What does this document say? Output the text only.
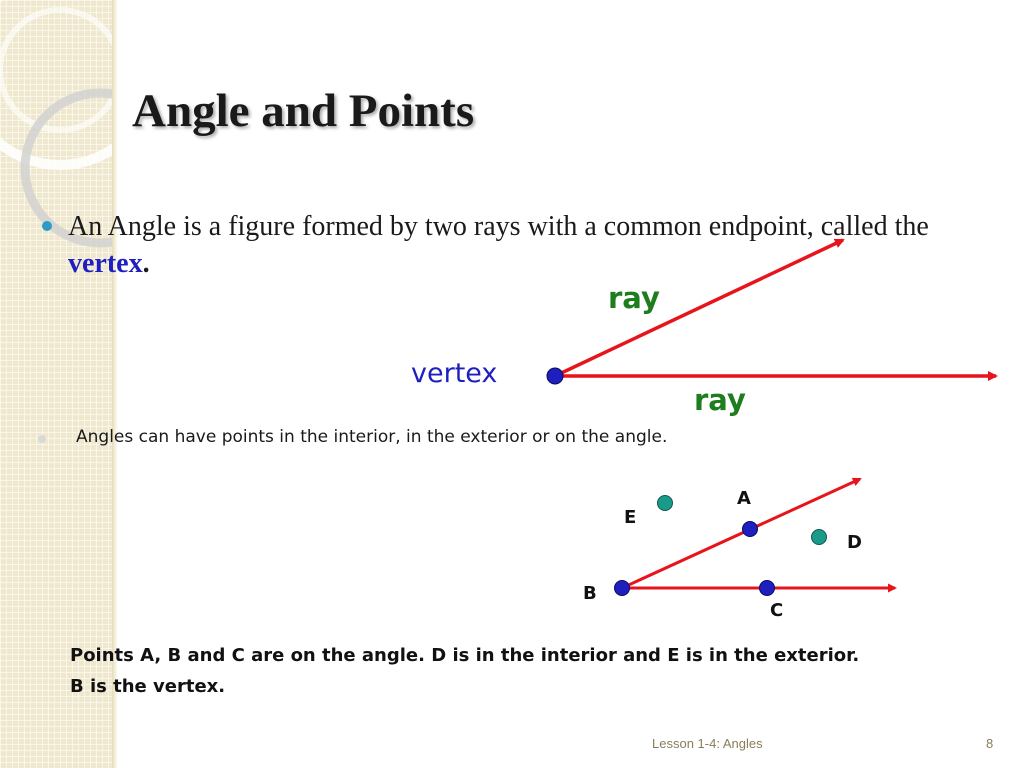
Angle and Points
An Angle is a figure formed by two rays with a common endpoint, called the vertex.
ray
ray
vertex
Angles can have points in the interior, in the exterior or on the angle.
A
B
C
D
E
Points A, B and C are on the angle. D is in the interior and E is in the exterior.
B is the vertex.
Lesson 1-4: Angles	8
